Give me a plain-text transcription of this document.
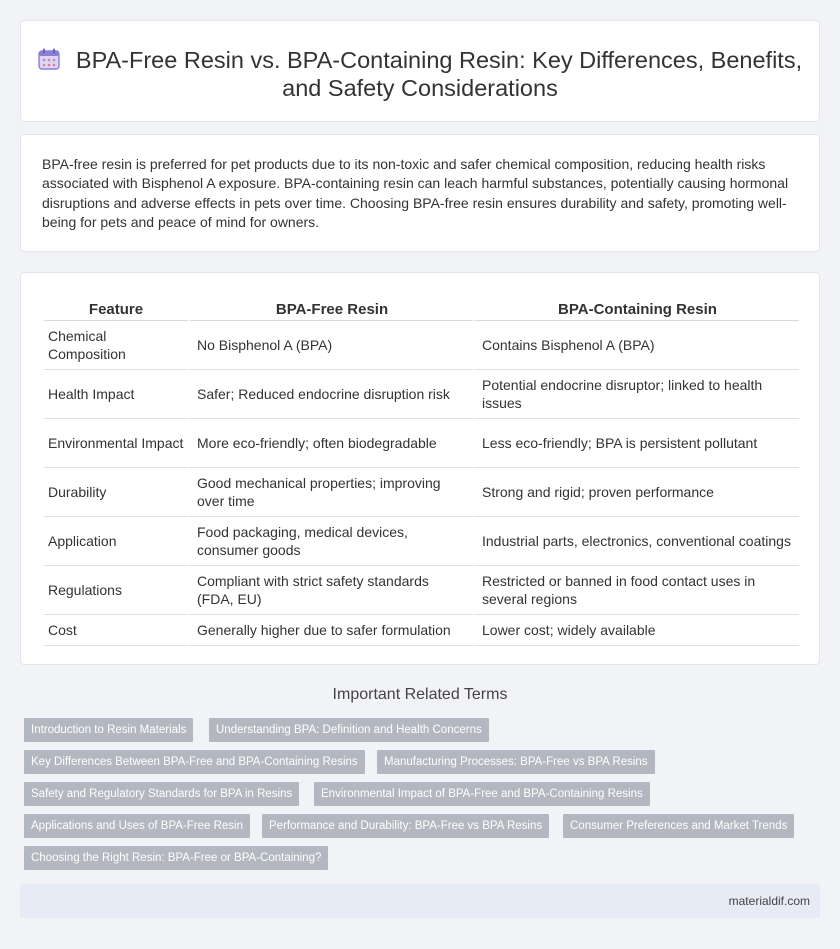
BPA-Free Resin vs. BPA-Containing Resin: Key Differences, Benefits, and Safety Considerations

BPA-free resin is preferred for pet products due to its non-toxic and safer chemical composition, reducing health risks associated with Bisphenol A exposure. BPA-containing resin can leach harmful substances, potentially causing hormonal disruptions and adverse effects in pets over time. Choosing BPA-free resin ensures durability and safety, promoting well-being for pets and peace of mind for owners.

Feature	BPA-Free Resin	BPA-Containing Resin
Chemical Composition	No Bisphenol A (BPA)	Contains Bisphenol A (BPA)
Health Impact	Safer; Reduced endocrine disruption risk	Potential endocrine disruptor; linked to health issues
Environmental Impact	More eco-friendly; often biodegradable	Less eco-friendly; BPA is persistent pollutant
Durability	Good mechanical properties; improving over time	Strong and rigid; proven performance
Application	Food packaging, medical devices, consumer goods	Industrial parts, electronics, conventional coatings
Regulations	Compliant with strict safety standards (FDA, EU)	Restricted or banned in food contact uses in several regions
Cost	Generally higher due to safer formulation	Lower cost; widely available
Important Related Terms
Introduction to Resin Materials	Understanding BPA: Definition and Health Concerns
Key Differences Between BPA-Free and BPA-Containing Resins	Manufacturing Processes: BPA-Free vs BPA Resins
Safety and Regulatory Standards for BPA in Resins	Environmental Impact of BPA-Free and BPA-Containing Resins
Applications and Uses of BPA-Free Resin	Performance and Durability: BPA-Free vs BPA Resins	Consumer Preferences and Market Trends
Choosing the Right Resin: BPA-Free or BPA-Containing?
materialdif.com
